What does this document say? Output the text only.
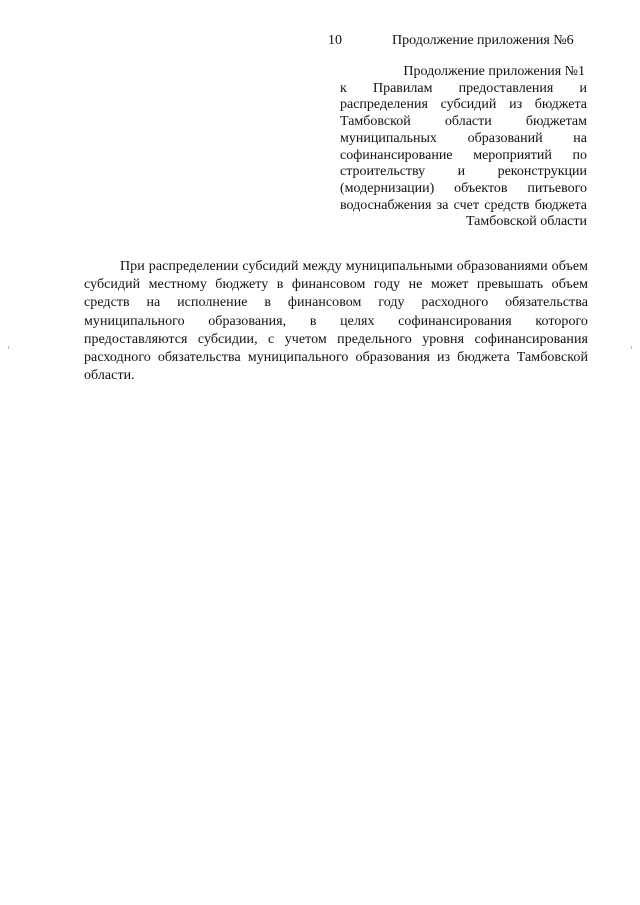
10	Продолжение приложения №6
Продолжение приложения №1
к Правилам предоставления и распределения субсидий из бюджета Тамбовской области бюджетам муниципальных образований на софинансирование мероприятий по строительству и реконструкции (модернизации) объектов питьевого водоснабжения за счет средств бюджета Тамбовской области
При распределении субсидий между муниципальными образованиями объем субсидий местному бюджету в финансовом году не может превышать объем средств на исполнение в финансовом году расходного обязательства муниципального образования, в целях софинансирования которого предоставляются субсидии, с учетом предельного уровня софинансирования расходного обязательства муниципального образования из бюджета Тамбовской области.
